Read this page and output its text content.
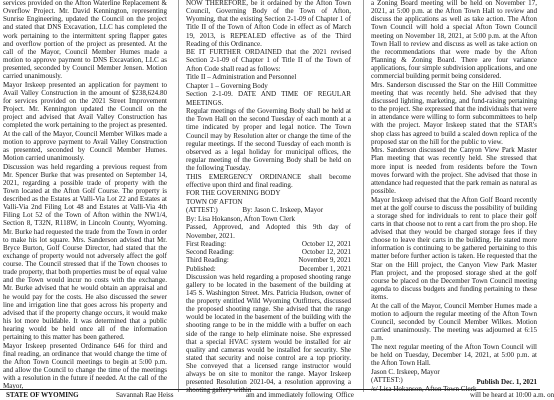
services provided on the Afton Waterline Replacement & Overflow Project. Mr. David Kennington, representing Sunrise Engineering, updated the Council on the project and stated that DNS Excavation, LLC has completed the work pertaining to the intermittent spring flapper gates and overflow portion of the project as presented. At the call of the Mayor, Council Member Humes made a motion to approve payment to DNS Excavation, LLC as presented, seconded by Council Member Jensen. Motion carried unanimously.

Mayor Irskeep presented an application for payment to Avail Valley Construction in the amount of $238,624.80 for services provided on the 2021 Street Improvement Project. Mr. Kennington updated the Council on the project and advised that Avail Valley Construction has completed the work pertaining to the project as presented. At the call of the Mayor, Council Member Wilkes made a motion to approve payment to Avail Valley Construction as presented, seconded by Council Member Humes. Motion carried unanimously.

Discussion was held regarding a previous request from Mr. Spencer Burke that was presented on September 14, 2021, regarding a possible trade of property with the Town located at the Afton Golf Course. The property is described as the Estates at Valli-Via Lot 22 and Estates at Valli-Via 2nd Filing Lot 48 and Estates at Valli-Via 4th Filing Lot 52 of the Town of Afton within the NW1/4, Section 8, T32N, R118W, in Lincoln County, Wyoming. Mr. Burke had requested the trade from the Town in order to make his lot square. Mrs. Sanderson advised that Mr. Bryce Burton, Golf Course Director, had stated that the exchange of property would not adversely affect the golf course. The Council stressed that if the Town chooses to trade property, that both properties must be of equal value and the Town would incur no costs with the exchange. Mr. Burke advised that he would obtain an appraisal and he would pay for the costs. He also discussed the sewer line and irrigation line that goes across his property and advised that if the property change occurs, it would make his lot more buildable. It was determined that a public hearing would be held once all of the information pertaining to this matter has been gathered.

Mayor Irskeep presented Ordinance 646 for third and final reading, an ordinance that would change the time of the Afton Town Council meetings to begin at 5:00 p.m. and allow the Council to change the time of the meetings with a resolution in the future if needed. At the call of the Mayor,

NOW THEREFORE, be it ordained by the Afton Town Council, Governing Body of the Town of Afton, Wyoming, that the existing Section 2-1-09 of Chapter 1 of Title II of the Town of Afton Code in effect as of March 19, 2013, is REPEALED effective as of the Third Reading of this Ordinance.

BE IT FURTHER ORDAINED that the 2021 revised Section 2-1-09 of Chapter 1 of Title II of the Town of Afton Code shall read as follows:

Title II – Administration and Personnel

Chapter 1 – Governing Body

Section 2-1-09. DATE AND TIME OF REGULAR MEETINGS.

Regular meetings of the Governing Body shall be held at the Town Hall on the second Tuesday of each month at a time indicated by proper and legal notice. The Town Council may by Resolution alter or change the time of the regular meetings. If the second Tuesday of each month is observed as a legal holiday for municipal offices, the regular meeting of the Governing Body shall be held on the following Tuesday.

THIS EMERGENCY ORDINANCE shall become effective upon third and final reading.

FOR THE GOVERNING BODY
TOWN OF AFTON

(ATTEST:)              By: Jason C. Irskeep, Mayor

By: Lisa Hokanson, Afton Town Clerk

Passed, Approved, and Adopted this 9th day of November, 2021.

First Reading:	October 12, 2021
Second Reading:	October 12, 2021
Third Reading:	November 9, 2021
Published:	December 1, 2021

Discussion was held regarding a proposed shooting range gallery to be located in the basement of the building at 145 S. Washington Street. Mrs. Patricia Hudson, owner of the property entitled Wild Wyoming Outfitters, discussed the proposed shooting range. She advised that the range would be located in the basement of the building with the shooting range to be in the middle with a buffer on each side of the range to help eliminate noise. She expressed that a special HVAC system would be installed for air quality and cameras would be installed for security. She stated that security and noise control are a top priority. She conveyed that a licensed range instructor would always be on site to monitor the range. Mayor Irskeep presented Resolution 2021-04, a resolution approving a shooting gallery within

a Zoning Board meeting will be held on November 17, 2021, at 5:00 p.m. at the Afton Town Hall to review and discuss the applications as well as take action. The Afton Town Council will hold a special Afton Town Council meeting on November 18, 2021, at 5:00 p.m. at the Afton Town Hall to review and discuss as well as take action on the recommendations that were made by the Afton Planning & Zoning Board. There are four variance applications, four simple subdivision applications, and one commercial building permit being considered.

Mrs. Sanderson discussed the Star on the Hill Committee meeting that was recently held. She advised that they discussed lighting, marketing, and fund-raising pertaining to the project. She expressed that the individuals that were in attendance were willing to form subcommittees to help with the project. Mayor Irskeep stated that the STAR's shop class has agreed to build a scaled down replica of the proposed star on the hill for the public to view.

Mrs. Sanderson discussed the Canyon View Park Master Plan meeting that was recently held. She stressed that more input is needed from residents before the Town moves forward with the project. She advised that those in attendance had requested that the park remain as natural as possible.

Mayor Irskeep advised that the Afton Golf Board recently met at the golf course to discuss the possibility of building a storage shed for individuals to rent to place their golf carts in that choose not to rent a cart from the pro shop. He advised that they would be charged storage fees if they choose to leave their carts in the building. He stated more information is continuing to be gathered pertaining to this matter before further action is taken. He requested that the Star on the Hill project, the Canyon View Park Master Plan project, and the proposed storage shed at the golf course be placed on the December Town Council meeting agenda to discuss budgets and funding pertaining to these items.

At the call of the Mayor, Council Member Humes made a motion to adjourn the regular meeting of the Afton Town Council, seconded by Council Member Wilkes. Motion carried unanimously. The meeting was adjourned at 6:15 p.m.

The next regular meeting of the Afton Town Council will be held on Tuesday, December 14, 2021, at 5:00 p.m. at the Afton Town Hall.

Jason C. Irskeep, Mayor

(ATTEST:)

/s/ Lisa Hokanson, Afton Town Clerk

Publish Dec. 1, 2021
STATE OF WYOMING	Savannah Rae Heiss	am and immediately following Office	will be heard at 10:00 a.m. on
